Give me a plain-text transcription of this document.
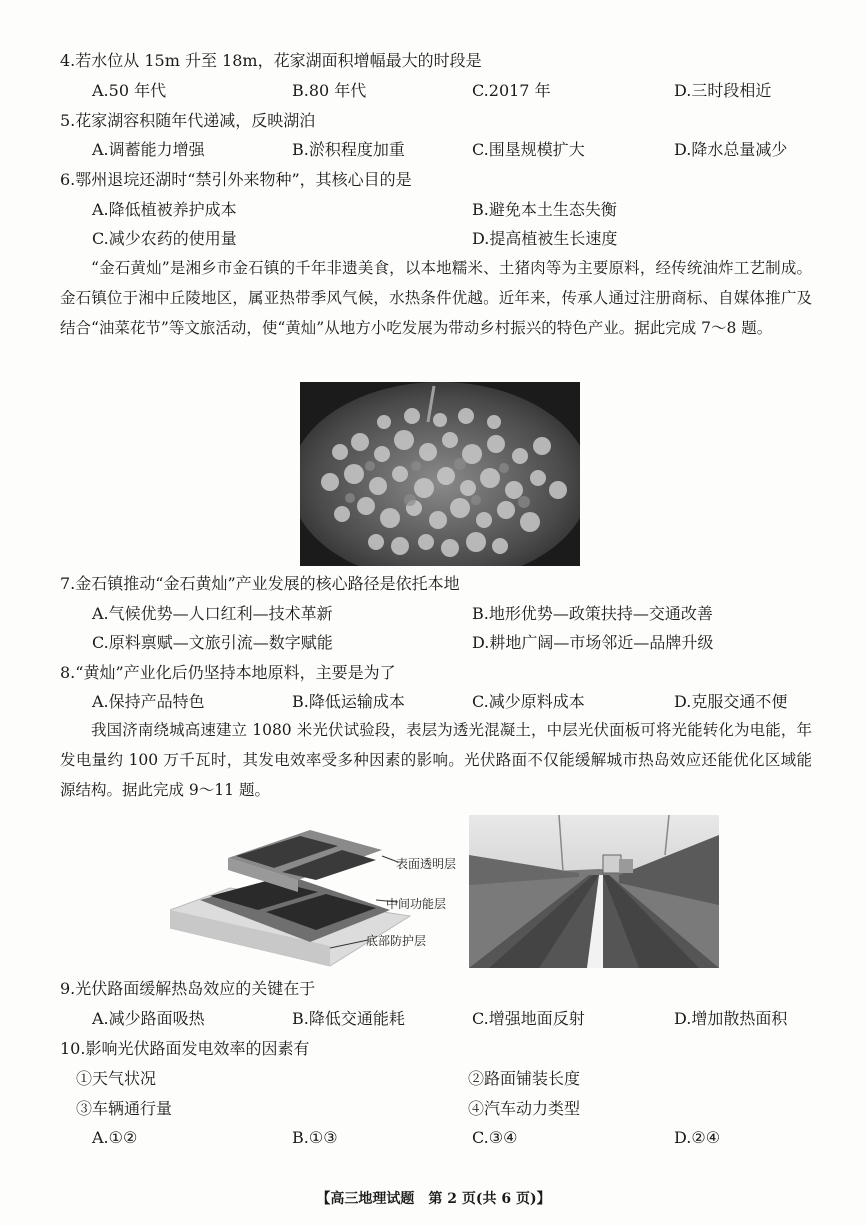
4.若水位从 15m 升至 18m，花家湖面积增幅最大的时段是
A.50 年代	B.80 年代	C.2017 年	D.三时段相近
5.花家湖容积随年代递减，反映湖泊
A.调蓄能力增强	B.淤积程度加重	C.围垦规模扩大	D.降水总量减少
6.鄂州退垸还湖时“禁引外来物种”，其核心目的是
A.降低植被养护成本	B.避免本土生态失衡
C.减少农药的使用量	D.提高植被生长速度
“金石黄灿”是湘乡市金石镇的千年非遗美食，以本地糯米、土猪肉等为主要原料，经传统油炸工艺制成。金石镇位于湘中丘陵地区，属亚热带季风气候，水热条件优越。近年来，传承人通过注册商标、自媒体推广及结合“油菜花节”等文旅活动，使“黄灿”从地方小吃发展为带动乡村振兴的特色产业。据此完成 7～8 题。
7.金石镇推动“金石黄灿”产业发展的核心路径是依托本地
A.气候优势—人口红利—技术革新	B.地形优势—政策扶持—交通改善
C.原料禀赋—文旅引流—数字赋能	D.耕地广阔—市场邻近—品牌升级
8.“黄灿”产业化后仍坚持本地原料，主要是为了
A.保持产品特色	B.降低运输成本	C.减少原料成本	D.克服交通不便
我国济南绕城高速建立 1080 米光伏试验段，表层为透光混凝土，中层光伏面板可将光能转化为电能，年发电量约 100 万千瓦时，其发电效率受多种因素的影响。光伏路面不仅能缓解城市热岛效应还能优化区域能源结构。据此完成 9～11 题。
表面透明层
中间功能层
底部防护层
9.光伏路面缓解热岛效应的关键在于
A.减少路面吸热	B.降低交通能耗	C.增强地面反射	D.增加散热面积
10.影响光伏路面发电效率的因素有
①天气状况	②路面铺装长度
③车辆通行量	④汽车动力类型
A.①②	B.①③	C.③④	D.②④
【高三地理试题　第 2 页(共 6 页)】
